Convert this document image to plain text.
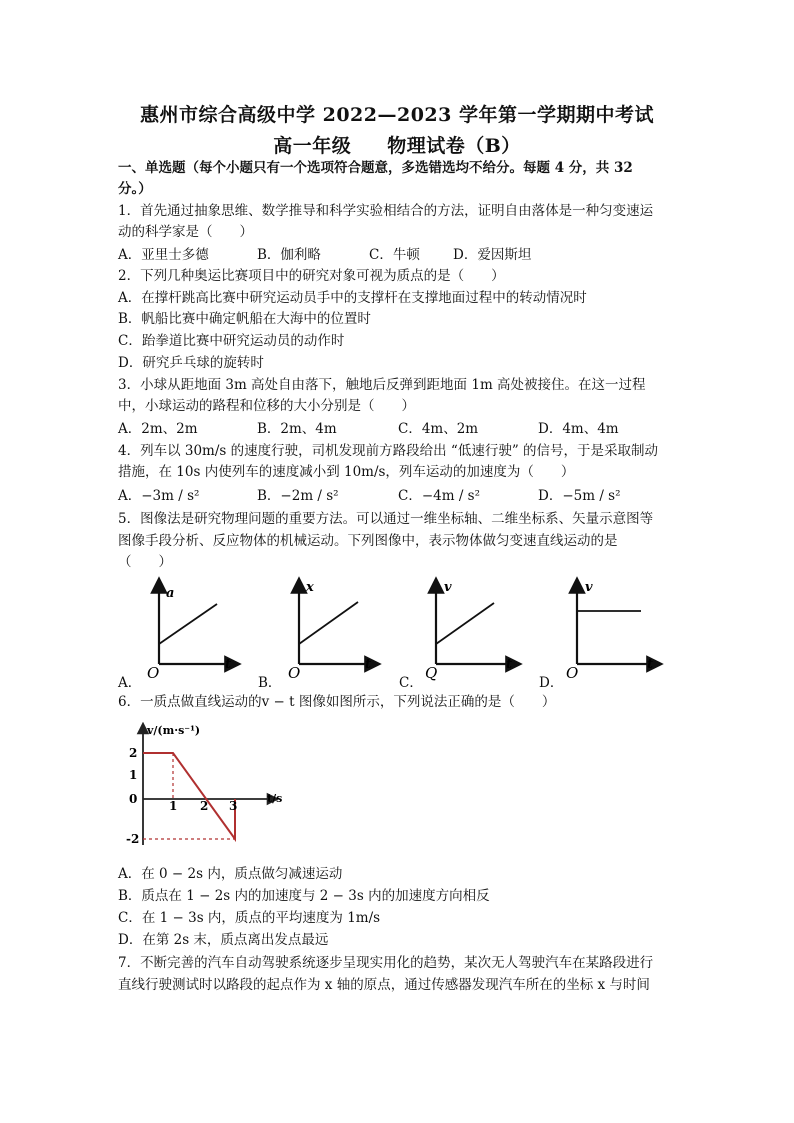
惠州市综合高级中学 2022—2023 学年第一学期期中考试
高一年级 物理试卷（B）
一、单选题（每个小题只有一个选项符合题意，多选错选均不给分。每题 4 分，共 32
分。）
1．首先通过抽象思维、数学推导和科学实验相结合的方法，证明自由落体是一种匀变速运
动的科学家是（　　）
A．亚里士多德	B．伽利略	C．牛顿 D．爱因斯坦
2．下列几种奥运比赛项目中的研究对象可视为质点的是（　　）
A．在撑杆跳高比赛中研究运动员手中的支撑杆在支撑地面过程中的转动情况时
B．帆船比赛中确定帆船在大海中的位置时
C．跆拳道比赛中研究运动员的动作时
D．研究乒乓球的旋转时
3．小球从距地面 3m 高处自由落下，触地后反弹到距地面 1m 高处被接住。在这一过程
中，小球运动的路程和位移的大小分别是（　　）
A．2m、2m	B．2m、4m	C．4m、2m	D．4m、4m
4．列车以 30m/s 的速度行驶，司机发现前方路段给出 “低速行驶” 的信号，于是采取制动
措施，在 10s 内使列车的速度减小到 10m/s，列车运动的加速度为（　　）
A．−3m / s²	B．−2m / s²	C．−4m / s²	D．−5m / s²
5．图像法是研究物理问题的重要方法。可以通过一维坐标轴、二维坐标系、矢量示意图等
图像手段分析、反应物体的机械运动。下列图像中，表示物体做匀变速直线运动的是
（　　）
a
t
O
x
t
O
v
t
Q
v
t
O
A．	B．	C．	D．
6．一质点做直线运动的v − t 图像如图所示，下列说法正确的是（　　）
v/(m·s⁻¹)
t/s
2
1
0
-2
1 2 3
A．在 0 − 2s 内，质点做匀减速运动
B．质点在 1 − 2s 内的加速度与 2 − 3s 内的加速度方向相反
C．在 1 − 3s 内，质点的平均速度为 1m/s
D．在第 2s 末，质点离出发点最远
7．不断完善的汽车自动驾驶系统逐步呈现实用化的趋势，某次无人驾驶汽车在某路段进行
直线行驶测试时以路段的起点作为 x 轴的原点，通过传感器发现汽车所在的坐标 x 与时间
